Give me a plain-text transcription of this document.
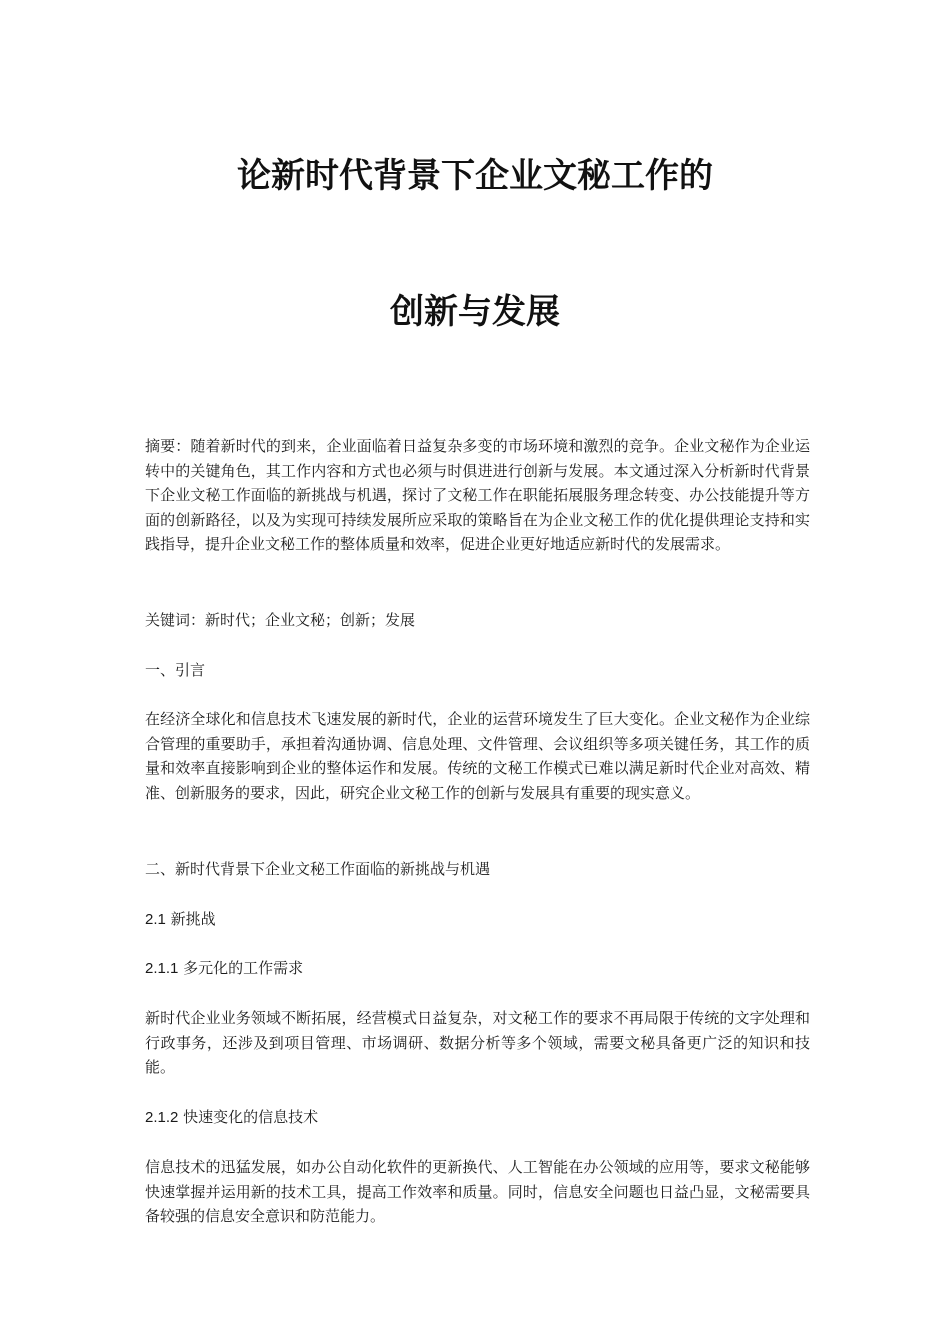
论新时代背景下企业文秘工作的
创新与发展

摘要：随着新时代的到来，企业面临着日益复杂多变的市场环境和激烈的竞争。企业文秘作为企业运转中的关键角色，其工作内容和方式也必须与时俱进进行创新与发展。本文通过深入分析新时代背景下企业文秘工作面临的新挑战与机遇，探讨了文秘工作在职能拓展服务理念转变、办公技能提升等方面的创新路径，以及为实现可持续发展所应采取的策略旨在为企业文秘工作的优化提供理论支持和实践指导，提升企业文秘工作的整体质量和效率，促进企业更好地适应新时代的发展需求。

关键词：新时代；企业文秘；创新；发展

一、引言

在经济全球化和信息技术飞速发展的新时代，企业的运营环境发生了巨大变化。企业文秘作为企业综合管理的重要助手，承担着沟通协调、信息处理、文件管理、会议组织等多项关键任务，其工作的质量和效率直接影响到企业的整体运作和发展。传统的文秘工作模式已难以满足新时代企业对高效、精准、创新服务的要求，因此，研究企业文秘工作的创新与发展具有重要的现实意义。

二、新时代背景下企业文秘工作面临的新挑战与机遇

2.1 新挑战

2.1.1 多元化的工作需求

新时代企业业务领域不断拓展，经营模式日益复杂，对文秘工作的要求不再局限于传统的文字处理和行政事务，还涉及到项目管理、市场调研、数据分析等多个领域，需要文秘具备更广泛的知识和技能。

2.1.2 快速变化的信息技术

信息技术的迅猛发展，如办公自动化软件的更新换代、人工智能在办公领域的应用等，要求文秘能够快速掌握并运用新的技术工具，提高工作效率和质量。同时，信息安全问题也日益凸显，文秘需要具备较强的信息安全意识和防范能力。
